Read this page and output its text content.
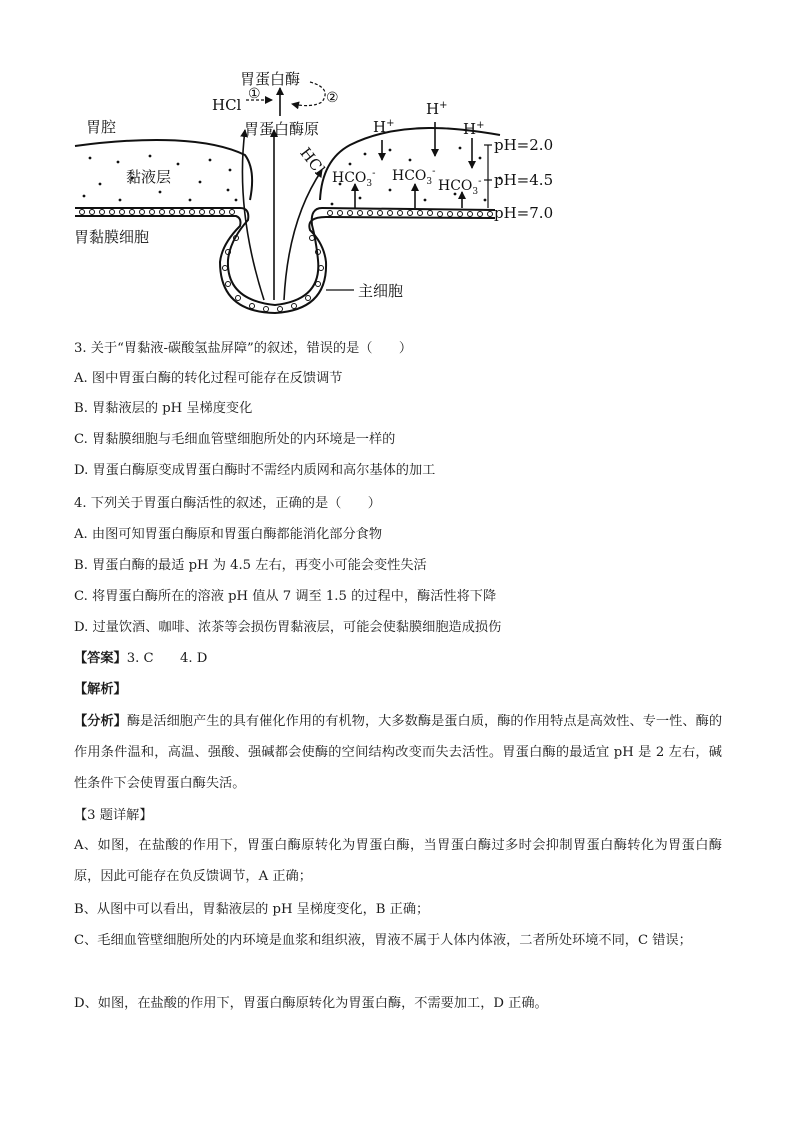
胃腔
黏液层
胃黏膜细胞
主细胞
胃蛋白酶
胃蛋白酶原
HCl
①	②
HCl
H+
H+
H+
$HCO_3^-$ $HCO_3^-$
$HCO_3^-$
pH=2.0
pH=4.5
pH=7.0
3. 关于“胃黏液-碳酸氢盐屏障”的叙述，错误的是（　　）
A. 图中胃蛋白酶的转化过程可能存在反馈调节
B. 胃黏液层的 pH 呈梯度变化
C. 胃黏膜细胞与毛细血管壁细胞所处的内环境是一样的
D. 胃蛋白酶原变成胃蛋白酶时不需经内质网和高尔基体的加工
4. 下列关于胃蛋白酶活性的叙述，正确的是（　　）
A. 由图可知胃蛋白酶原和胃蛋白酶都能消化部分食物
B. 胃蛋白酶的最适 pH 为 4.5 左右，再变小可能会变性失活
C. 将胃蛋白酶所在的溶液 pH 值从 7 调至 1.5 的过程中，酶活性将下降
D. 过量饮酒、咖啡、浓茶等会损伤胃黏液层，可能会使黏膜细胞造成损伤
【答案】3. C　　4. D
【解析】
【分析】酶是活细胞产生的具有催化作用的有机物，大多数酶是蛋白质，酶的作用特点是高效性、专一性、酶的作用条件温和，高温、强酸、强碱都会使酶的空间结构改变而失去活性。胃蛋白酶的最适宜 pH 是 2 左右，碱性条件下会使胃蛋白酶失活。
【3 题详解】
A、如图，在盐酸的作用下，胃蛋白酶原转化为胃蛋白酶，当胃蛋白酶过多时会抑制胃蛋白酶转化为胃蛋白酶原，因此可能存在负反馈调节，A 正确；
B、从图中可以看出，胃黏液层的 pH 呈梯度变化，B 正确；
C、毛细血管壁细胞所处的内环境是血浆和组织液，胃液不属于人体内体液，二者所处环境不同，C 错误；
D、如图，在盐酸的作用下，胃蛋白酶原转化为胃蛋白酶，不需要加工，D 正确。
